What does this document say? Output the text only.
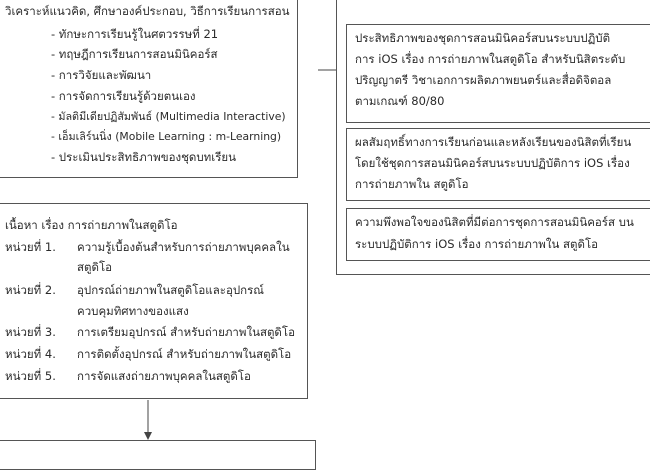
วิเคราะห์แนวคิด, ศึกษาองค์ประกอบ, วิธีการเรียนการสอน
- ทักษะการเรียนรู้ในศตวรรษที่ 21
- ทฤษฎีการเรียนการสอนมินิคอร์ส
- การวิจัยและพัฒนา
- การจัดการเรียนรู้ด้วยตนเอง
- มัลติมีเดียปฏิสัมพันธ์ (Multimedia Interactive)
- เอ็มเลิร์นนิ่ง (Mobile Learning : m-Learning)
- ประเมินประสิทธิภาพของชุดบทเรียน
เนื้อหา เรื่อง การถ่ายภาพในสตูดิโอ
หน่วยที่ 1. ความรู้เบื้องต้นสำหรับการถ่ายภาพบุคคลใน
สตูดิโอ
หน่วยที่ 2. อุปกรณ์ถ่ายภาพในสตูดิโอและอุปกรณ์
ควบคุมทิศทางของแสง
หน่วยที่ 3. การเตรียมอุปกรณ์ สำหรับถ่ายภาพในสตูดิโอ
หน่วยที่ 4. การติดตั้งอุปกรณ์ สำหรับถ่ายภาพในสตูดิโอ
หน่วยที่ 5. การจัดแสงถ่ายภาพบุคคลในสตูดิโอ
ประสิทธิภาพของชุดการสอนมินิคอร์สบนระบบปฏิบัติ
การ iOS เรื่อง การถ่ายภาพในสตูดิโอ สำหรับนิสิตระดับ
ปริญญาตรี วิชาเอกการผลิตภาพยนตร์และสื่อดิจิตอล
ตามเกณฑ์ 80/80
ผลสัมฤทธิ์ทางการเรียนก่อนและหลังเรียนของนิสิตที่เรียน
โดยใช้ชุดการสอนมินิคอร์สบนระบบปฏิบัติการ iOS เรื่อง
การถ่ายภาพใน สตูดิโอ
ความพึงพอใจของนิสิตที่มีต่อการชุดการสอนมินิคอร์ส บน
ระบบปฏิบัติการ iOS เรื่อง การถ่ายภาพใน สตูดิโอ
